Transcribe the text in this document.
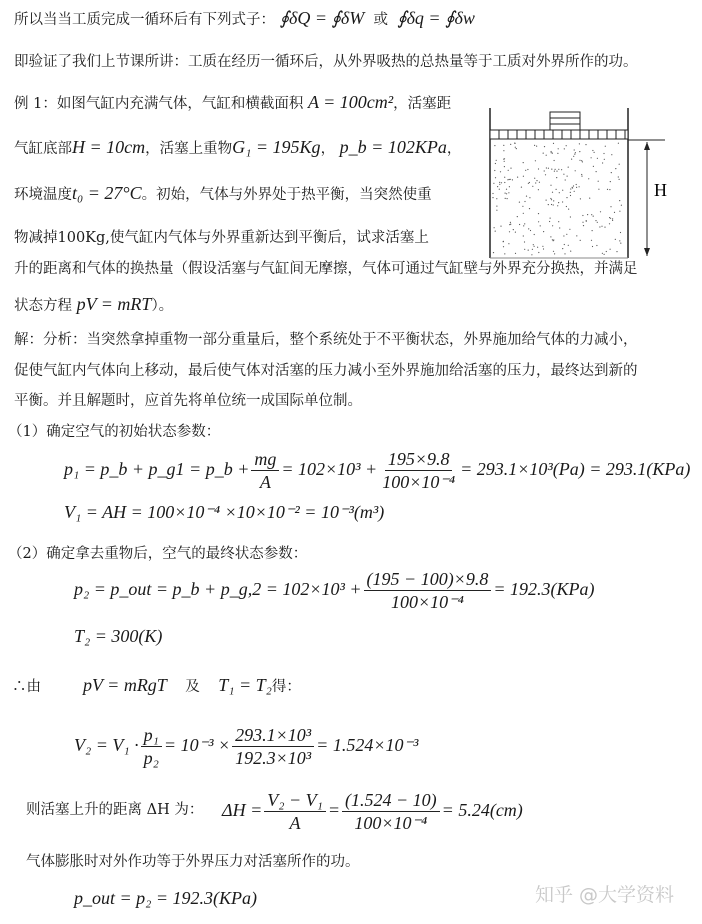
所以当当工质完成一循环后有下列式子： ∮δQ = ∮δW 或 ∮δq = ∮δw
即验证了我们上节课所讲：工质在经历一循环后，从外界吸热的总热量等于工质对外界所作的功。
例 1：如图气缸内充满气体，气缸和横截面积 A = 100cm²，活塞距
气缸底部H = 10cm，活塞上重物G₁ = 195Kg， p_b = 102KPa，
环境温度t₀ = 27°C。初始，气体与外界处于热平衡，当突然使重
物减掉100Kg,使气缸内气体与外界重新达到平衡后，试求活塞上
升的距离和气体的换热量（假设活塞与气缸间无摩擦，气体可通过气缸壁与外界充分换热，并满足
状态方程 pV = mRT）。
H
解：分析：当突然拿掉重物一部分重量后，整个系统处于不平衡状态，外界施加给气体的力减小，
促使气缸内气体向上移动，最后使气体对活塞的压力减小至外界施加给活塞的压力，最终达到新的
平衡。并且解题时，应首先将单位统一成国际单位制。
（1）确定空气的初始状态参数：
p₁ = p_b + p_g1 = p_b + $\frac{mg}{A} = 102\times 10^3 + \frac{195\times 9.8}{\text{100×10⁻⁴}} = 293.1\times 10^3(Pa) = 293.1(KPa)$
V₁ = AH = 100×10⁻⁴ ×10×10⁻² = 10⁻³(m³)
（2）确定拿去重物后，空气的最终状态参数：
p₂ = p_out = p_b + p_g,2 = $102\times 10^3 + \frac{(195 - 100)\times 9.8}{\text{100×10⁻⁴}} = 192.3(KPa)$
T₂ = 300(K)
∴由 pV = mRgT 及 T₁ = T₂得：
$V_2 = V_1 \cdot \frac{\text{p₁}}{\text{p₂}} = 10^{-3} \times \frac{\text{293.1×10³}}{\text{192.3×10³}} = 1.524\times 10^{-3}$
则活塞上升的距离 ΔH 为： $\Delta H = \frac{\text{V₂ − V₁}}{A} = \frac{(1.524 - 10)}{\text{100×10⁻⁴}} = 5.24(cm)$
气体膨胀时对外作功等于外界压力对活塞所作的功。
p_out = p₂ = 192.3(KPa)	知乎 @大学资料
